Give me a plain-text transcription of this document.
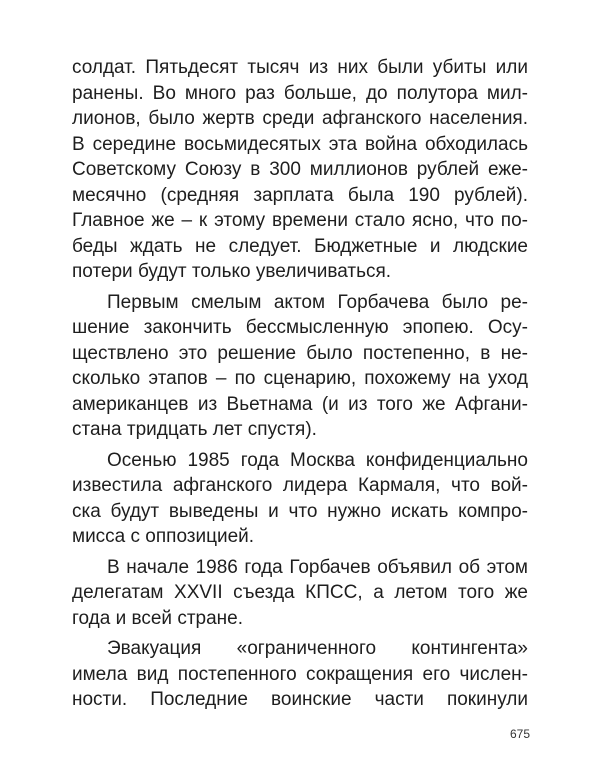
солдат. Пятьдесят тысяч из них были убиты или
ранены. Во много раз больше, до полутора мил-
лионов, было жертв среди афганского населения.
В середине восьмидесятых эта война обходилась
Советскому Союзу в 300 миллионов рублей еже-
месячно (средняя зарплата была 190 рублей).
Главное же – к этому времени стало ясно, что по-
беды ждать не следует. Бюджетные и людские
потери будут только увеличиваться.
Первым смелым актом Горбачева было ре-
шение закончить бессмысленную эпопею. Осу-
ществлено это решение было постепенно, в не-
сколько этапов – по сценарию, похожему на уход
американцев из Вьетнама (и из того же Афгани-
стана тридцать лет спустя).
Осенью 1985 года Москва конфиденциально
известила афганского лидера Кармаля, что вой-
ска будут выведены и что нужно искать компро-
мисса с оппозицией.
В начале 1986 года Горбачев объявил об этом
делегатам XXVII съезда КПСС, а летом того же
года и всей стране.
Эвакуация «ограниченного контингента»
имела вид постепенного сокращения его числен-
ности. Последние воинские части покинули
675
